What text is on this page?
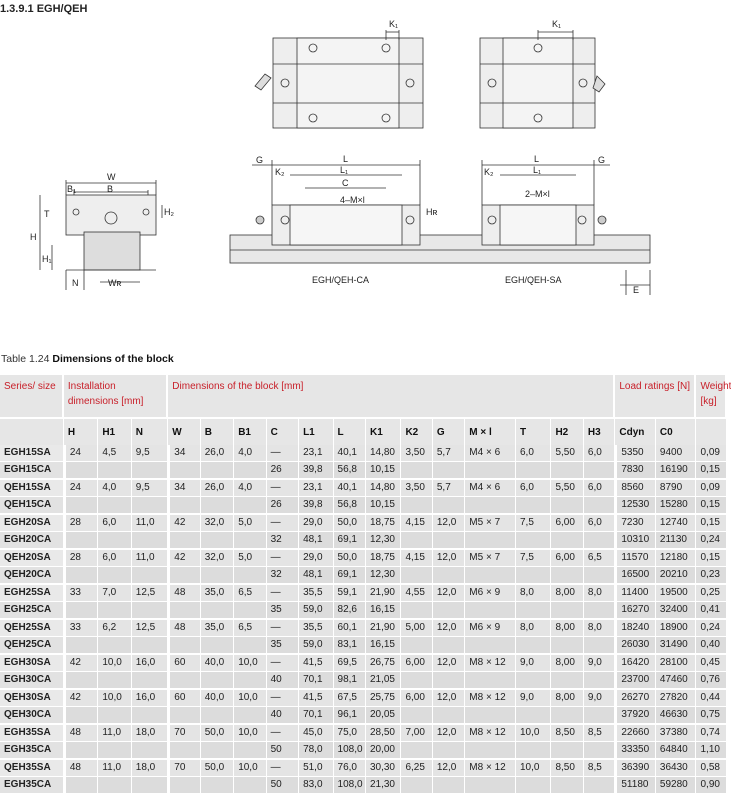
1.3.9.1 EGH/QEH
K₁	K₁
W
B₁	B
T
H
H₁
H₂
N	Wʀ
Hʀ
G	G
K₂	K₂
L	L
L₁	L₁
C
4–M×l
2–M×l
E
EGH/QEH-CA	EGH/QEH-SA
Table 1.24 Dimensions of the block
Series/ size	Installation dimensions [mm]			Dimensions of the block [mm]													Load ratings [N]		Weight [kg]
	H	H1	N	W	B	B1	C	L1	L	K1	K2	G	M × l	T	H2	H3	Cdyn	C0	
EGH15SA	24	4,5	9,5	34	26,0	4,0	—	23,1	40,1	14,80	3,50	5,7	M4 × 6	6,0	5,50	6,0	5350	9400	0,09
EGH15CA							26	39,8	56,8	10,15							7830	16190	0,15
QEH15SA	24	4,0	9,5	34	26,0	4,0	—	23,1	40,1	14,80	3,50	5,7	M4 × 6	6,0	5,50	6,0	8560	8790	0,09
QEH15CA							26	39,8	56,8	10,15							12530	15280	0,15
EGH20SA	28	6,0	11,0	42	32,0	5,0	—	29,0	50,0	18,75	4,15	12,0	M5 × 7	7,5	6,00	6,0	7230	12740	0,15
EGH20CA							32	48,1	69,1	12,30							10310	21130	0,24
QEH20SA	28	6,0	11,0	42	32,0	5,0	—	29,0	50,0	18,75	4,15	12,0	M5 × 7	7,5	6,00	6,5	11570	12180	0,15
QEH20CA							32	48,1	69,1	12,30							16500	20210	0,23
EGH25SA	33	7,0	12,5	48	35,0	6,5	—	35,5	59,1	21,90	4,55	12,0	M6 × 9	8,0	8,00	8,0	11400	19500	0,25
EGH25CA							35	59,0	82,6	16,15							16270	32400	0,41
QEH25SA	33	6,2	12,5	48	35,0	6,5	—	35,5	60,1	21,90	5,00	12,0	M6 × 9	8,0	8,00	8,0	18240	18900	0,24
QEH25CA							35	59,0	83,1	16,15							26030	31490	0,40
EGH30SA	42	10,0	16,0	60	40,0	10,0	—	41,5	69,5	26,75	6,00	12,0	M8 × 12	9,0	8,00	9,0	16420	28100	0,45
EGH30CA							40	70,1	98,1	21,05							23700	47460	0,76
QEH30SA	42	10,0	16,0	60	40,0	10,0	—	41,5	67,5	25,75	6,00	12,0	M8 × 12	9,0	8,00	9,0	26270	27820	0,44
QEH30CA							40	70,1	96,1	20,05							37920	46630	0,75
EGH35SA	48	11,0	18,0	70	50,0	10,0	—	45,0	75,0	28,50	7,00	12,0	M8 × 12	10,0	8,50	8,5	22660	37380	0,74
EGH35CA							50	78,0	108,0	20,00							33350	64840	1,10
QEH35SA	48	11,0	18,0	70	50,0	10,0	—	51,0	76,0	30,30	6,25	12,0	M8 × 12	10,0	8,50	8,5	36390	36430	0,58
EGH35CA							50	83,0	108,0	21,30							51180	59280	0,90
